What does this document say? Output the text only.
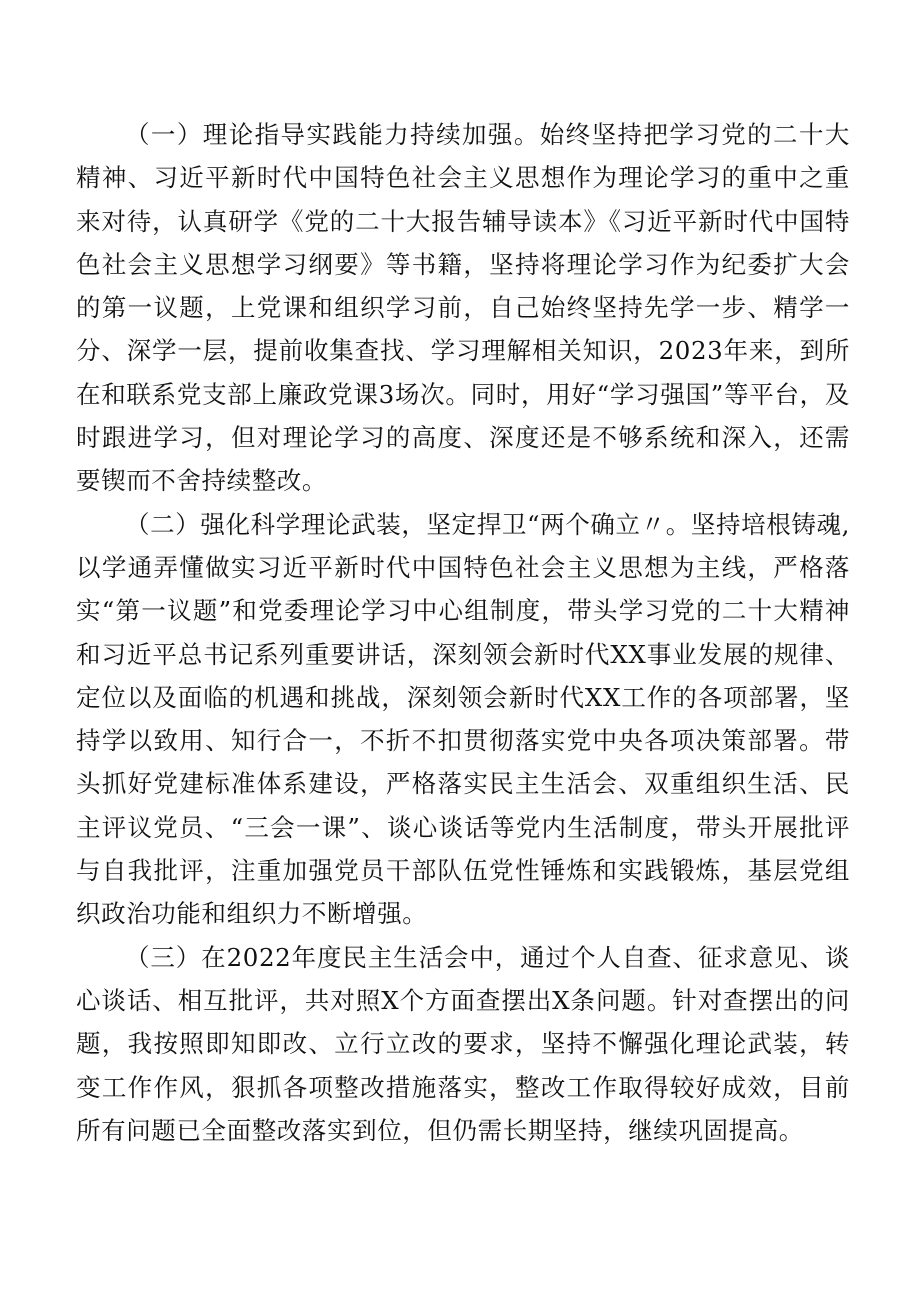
（一）理论指导实践能力持续加强。始终坚持把学习党的二十大精神、习近平新时代中国特色社会主义思想作为理论学习的重中之重来对待，认真研学《党的二十大报告辅导读本》《习近平新时代中国特色社会主义思想学习纲要》等书籍，坚持将理论学习作为纪委扩大会的第一议题，上党课和组织学习前，自己始终坚持先学一步、精学一分、深学一层，提前收集查找、学习理解相关知识，2023年来，到所在和联系党支部上廉政党课3场次。同时，用好“学习强国”等平台，及时跟进学习，但对理论学习的高度、深度还是不够系统和深入，还需要锲而不舍持续整改。

（二）强化科学理论武装，坚定捍卫“两个确立〃。坚持培根铸魂,以学通弄懂做实习近平新时代中国特色社会主义思想为主线，严格落实“第一议题”和党委理论学习中心组制度，带头学习党的二十大精神和习近平总书记系列重要讲话，深刻领会新时代XX事业发展的规律、定位以及面临的机遇和挑战，深刻领会新时代XX工作的各项部署，坚持学以致用、知行合一，不折不扣贯彻落实党中央各项决策部署。带头抓好党建标准体系建设，严格落实民主生活会、双重组织生活、民主评议党员、“三会一课”、谈心谈话等党内生活制度，带头开展批评与自我批评，注重加强党员干部队伍党性锤炼和实践锻炼，基层党组织政治功能和组织力不断增强。

（三）在2022年度民主生活会中，通过个人自查、征求意见、谈心谈话、相互批评，共对照X个方面查摆出X条问题。针对查摆出的问题，我按照即知即改、立行立改的要求，坚持不懈强化理论武装，转变工作作风，狠抓各项整改措施落实，整改工作取得较好成效，目前所有问题已全面整改落实到位，但仍需长期坚持，继续巩固提高。
